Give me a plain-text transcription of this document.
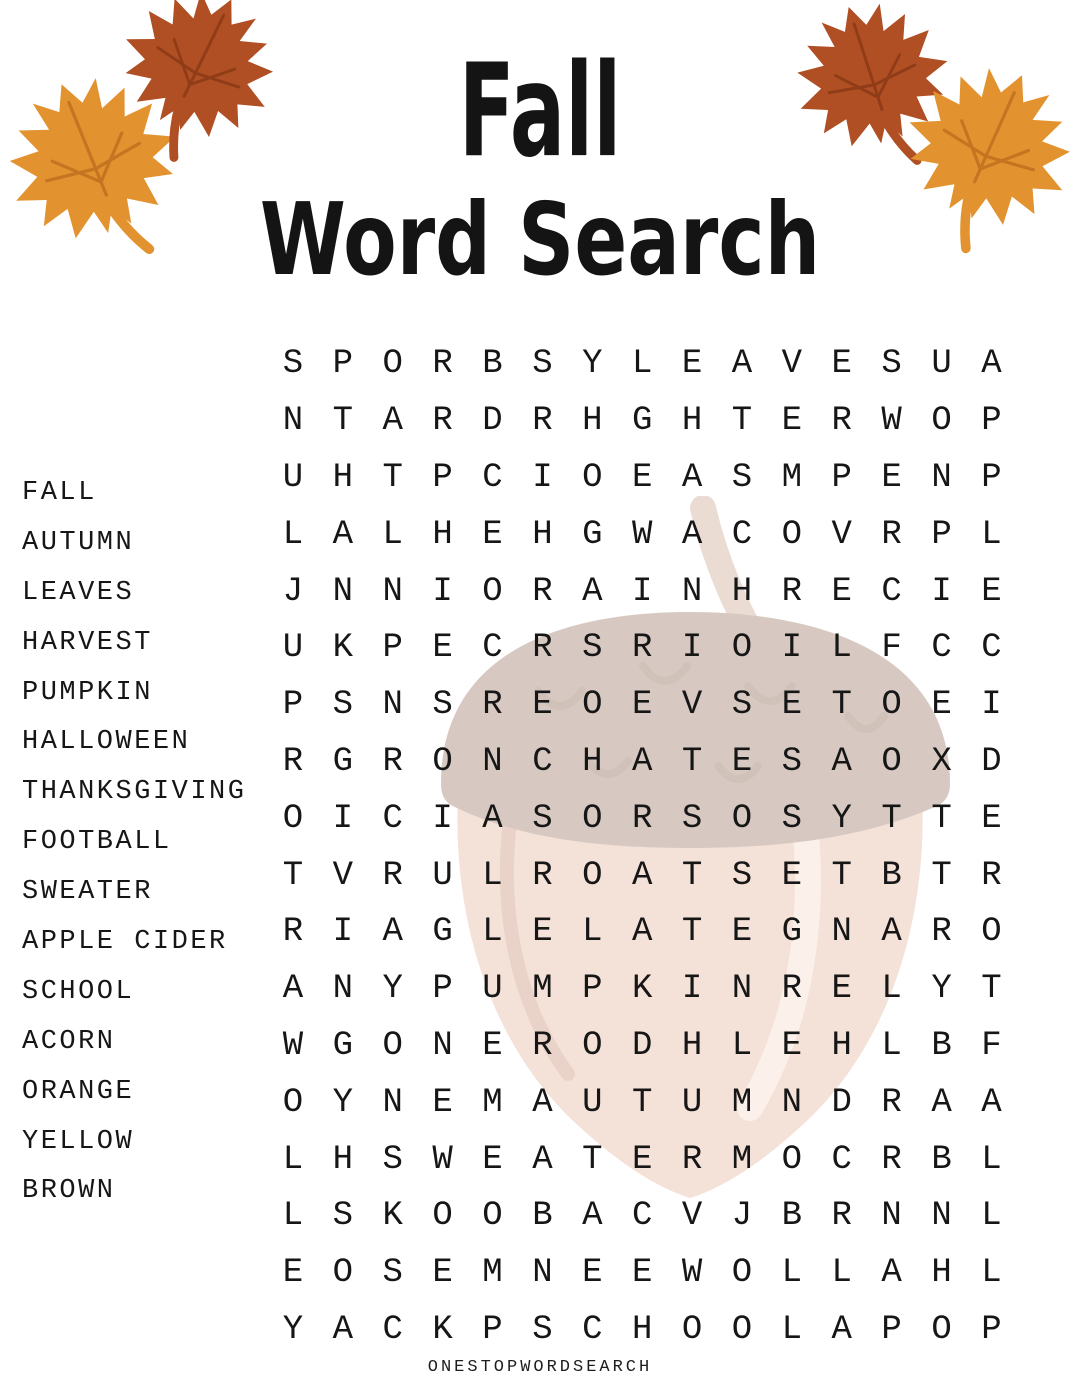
Fall
Word Search
FALL
AUTUMN
LEAVES
HARVEST
PUMPKIN
HALLOWEEN
THANKSGIVING
FOOTBALL
SWEATER
APPLE CIDER
SCHOOL
ACORN
ORANGE
YELLOW
BROWN
S P O R B S Y L E A V E S U A
N T A R D R H G H T E R W O P
U H T P C I O E A S M P E N P
L A L H E H G W A C O V R P L
J N N I O R A I N H R E C I E
U K P E C R S R I O I L F C C
P S N S R E O E V S E T O E I
R G R O N C H A T E S A O X D
O I C I A S O R S O S Y T T E
T V R U L R O A T S E T B T R
R I A G L E L A T E G N A R O
A N Y P U M P K I N R E L Y T
W G O N E R O D H L E H L B F
O Y N E M A U T U M N D R A A
L H S W E A T E R M O C R B L
L S K O O B A C V J B R N N L
E O S E M N E E W O L L A H L
Y A C K P S C H O O L A P O P
ONESTOPWORDSEARCH
